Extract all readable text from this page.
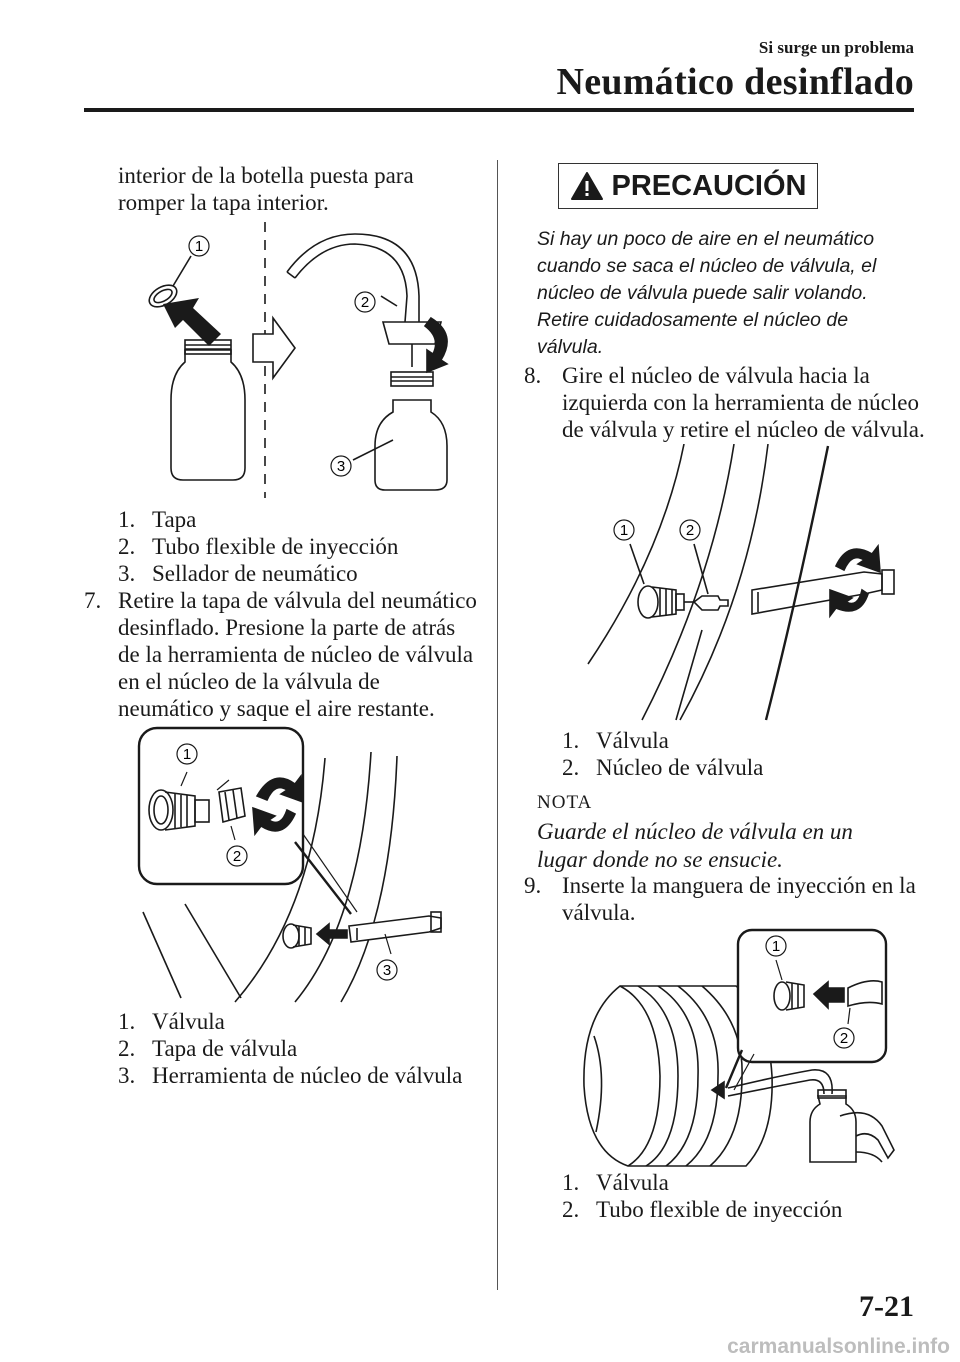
Si surge un problema
Neumático desinflado
interior de la botella puesta para
romper la tapa interior.
1
2
3
1. Tapa
2. Tubo flexible de inyección
3. Sellador de neumático
7. Retire la tapa de válvula del neumático
desinflado. Presione la parte de atrás
de la herramienta de núcleo de válvula
en el núcleo de la válvula de
neumático y saque el aire restante.
1
2
3
1. Válvula
2. Tapa de válvula
3. Herramienta de núcleo de válvula
PRECAUCIÓN
Si hay un poco de aire en el neumático
cuando se saca el núcleo de válvula, el
núcleo de válvula puede salir volando.
Retire cuidadosamente el núcleo de
válvula.
8. Gire el núcleo de válvula hacia la
izquierda con la herramienta de núcleo
de válvula y retire el núcleo de válvula.
1	2
1. Válvula
2. Núcleo de válvula
NOTA
Guarde el núcleo de válvula en un
lugar donde no se ensucie.
9. Inserte la manguera de inyección en la
válvula.
1
2
1. Válvula
2. Tubo flexible de inyección
7-21
carmanualsonline.info
